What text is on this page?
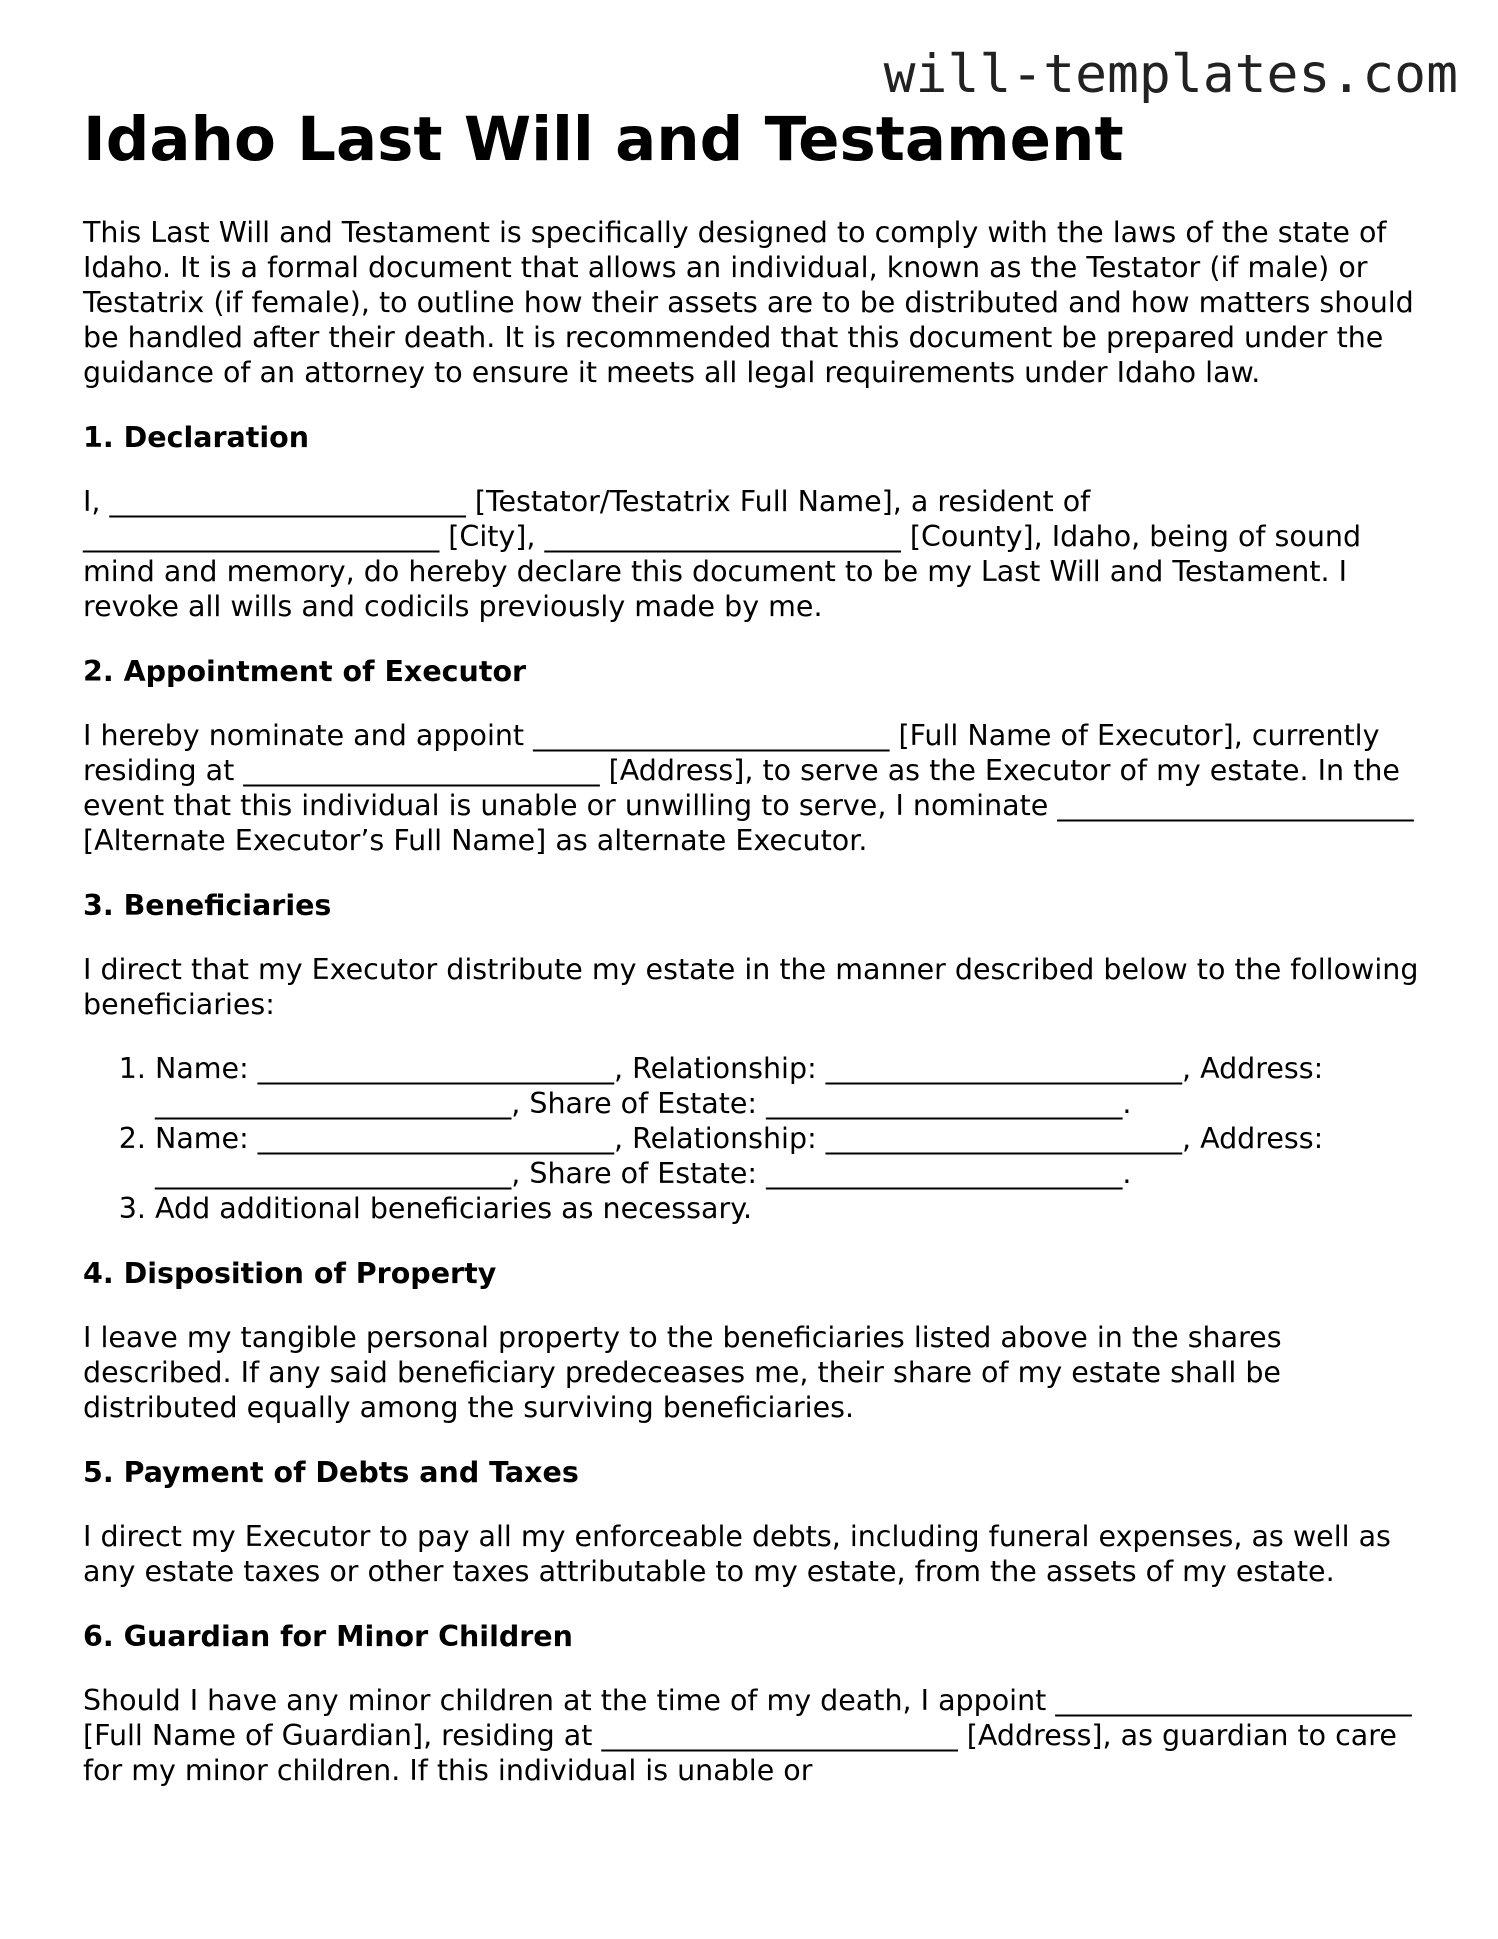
will-templates.com
Idaho Last Will and Testament

This Last Will and Testament is specifically designed to comply with the laws of the state of Idaho. It is a formal document that allows an individual, known as the Testator (if male) or Testatrix (if female), to outline how their assets are to be distributed and how matters should be handled after their death. It is recommended that this document be prepared under the guidance of an attorney to ensure it meets all legal requirements under Idaho law.

1. Declaration

I, _________________________ [Testator/Testatrix Full Name], a resident of _________________________ [City], _________________________ [County], Idaho, being of sound mind and memory, do hereby declare this document to be my Last Will and Testament. I revoke all wills and codicils previously made by me.

2. Appointment of Executor

I hereby nominate and appoint _________________________ [Full Name of Executor], currently residing at _________________________ [Address], to serve as the Executor of my estate. In the event that this individual is unable or unwilling to serve, I nominate _________________________ [Alternate Executor’s Full Name] as alternate Executor.

3. Beneficiaries

I direct that my Executor distribute my estate in the manner described below to the following beneficiaries:

1. Name: _________________________, Relationship: _________________________, Address: _________________________, Share of Estate: _________________________.
2. Name: _________________________, Relationship: _________________________, Address: _________________________, Share of Estate: _________________________.
3. Add additional beneficiaries as necessary.
4. Disposition of Property

I leave my tangible personal property to the beneficiaries listed above in the shares described. If any said beneficiary predeceases me, their share of my estate shall be distributed equally among the surviving beneficiaries.

5. Payment of Debts and Taxes

I direct my Executor to pay all my enforceable debts, including funeral expenses, as well as any estate taxes or other taxes attributable to my estate, from the assets of my estate.

6. Guardian for Minor Children

Should I have any minor children at the time of my death, I appoint _________________________ [Full Name of Guardian], residing at _________________________ [Address], as guardian to care for my minor children. If this individual is unable or
